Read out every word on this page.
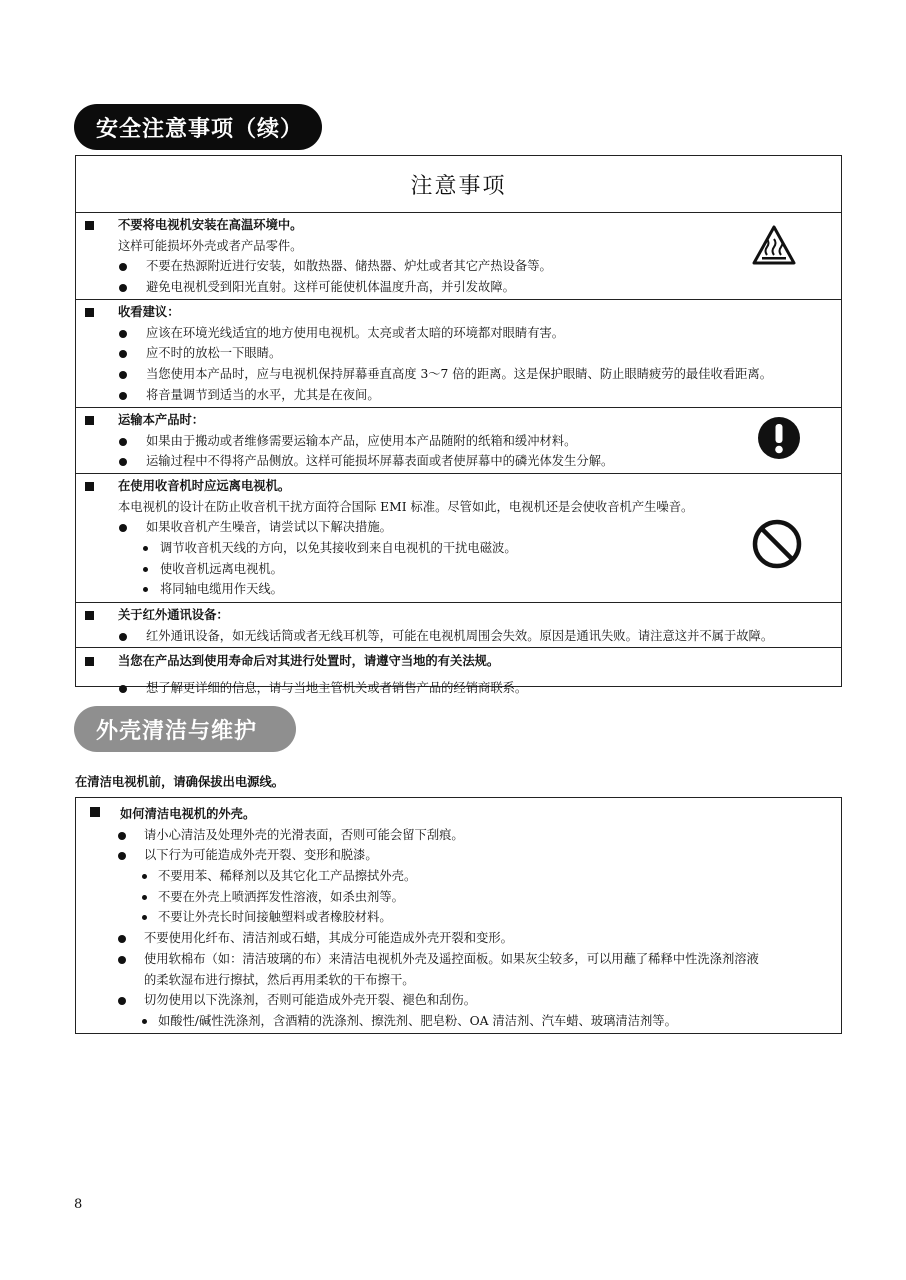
安全注意事项（续）
注意事项
不要将电视机安装在高温环境中。
这样可能损坏外壳或者产品零件。
不要在热源附近进行安装，如散热器、储热器、炉灶或者其它产热设备等。
避免电视机受到阳光直射。这样可能使机体温度升高，并引发故障。
收看建议：
应该在环境光线适宜的地方使用电视机。太亮或者太暗的环境都对眼睛有害。
应不时的放松一下眼睛。
当您使用本产品时，应与电视机保持屏幕垂直高度 3～7 倍的距离。这是保护眼睛、防止眼睛疲劳的最佳收看距离。
将音量调节到适当的水平，尤其是在夜间。
运输本产品时：
如果由于搬动或者维修需要运输本产品，应使用本产品随附的纸箱和缓冲材料。
运输过程中不得将产品侧放。这样可能损坏屏幕表面或者使屏幕中的磷光体发生分解。
在使用收音机时应远离电视机。
本电视机的设计在防止收音机干扰方面符合国际 EMI 标准。尽管如此，电视机还是会使收音机产生噪音。
如果收音机产生噪音，请尝试以下解决措施。
调节收音机天线的方向，以免其接收到来自电视机的干扰电磁波。
使收音机远离电视机。
将同轴电缆用作天线。
关于红外通讯设备：
红外通讯设备，如无线话筒或者无线耳机等，可能在电视机周围会失效。原因是通讯失败。请注意这并不属于故障。
当您在产品达到使用寿命后对其进行处置时，请遵守当地的有关法规。
想了解更详细的信息，请与当地主管机关或者销售产品的经销商联系。
外壳清洁与维护
在清洁电视机前，请确保拔出电源线。
如何清洁电视机的外壳。
请小心清洁及处理外壳的光滑表面，否则可能会留下刮痕。
以下行为可能造成外壳开裂、变形和脱漆。
不要用苯、稀释剂以及其它化工产品擦拭外壳。
不要在外壳上喷洒挥发性溶液，如杀虫剂等。
不要让外壳长时间接触塑料或者橡胶材料。
不要使用化纤布、清洁剂或石蜡，其成分可能造成外壳开裂和变形。
使用软棉布（如：清洁玻璃的布）来清洁电视机外壳及遥控面板。如果灰尘较多，可以用蘸了稀释中性洗涤剂溶液
的柔软湿布进行擦拭，然后再用柔软的干布擦干。
切勿使用以下洗涤剂，否则可能造成外壳开裂、褪色和刮伤。
如酸性/碱性洗涤剂，含酒精的洗涤剂、擦洗剂、肥皂粉、OA 清洁剂、汽车蜡、玻璃清洁剂等。
8
